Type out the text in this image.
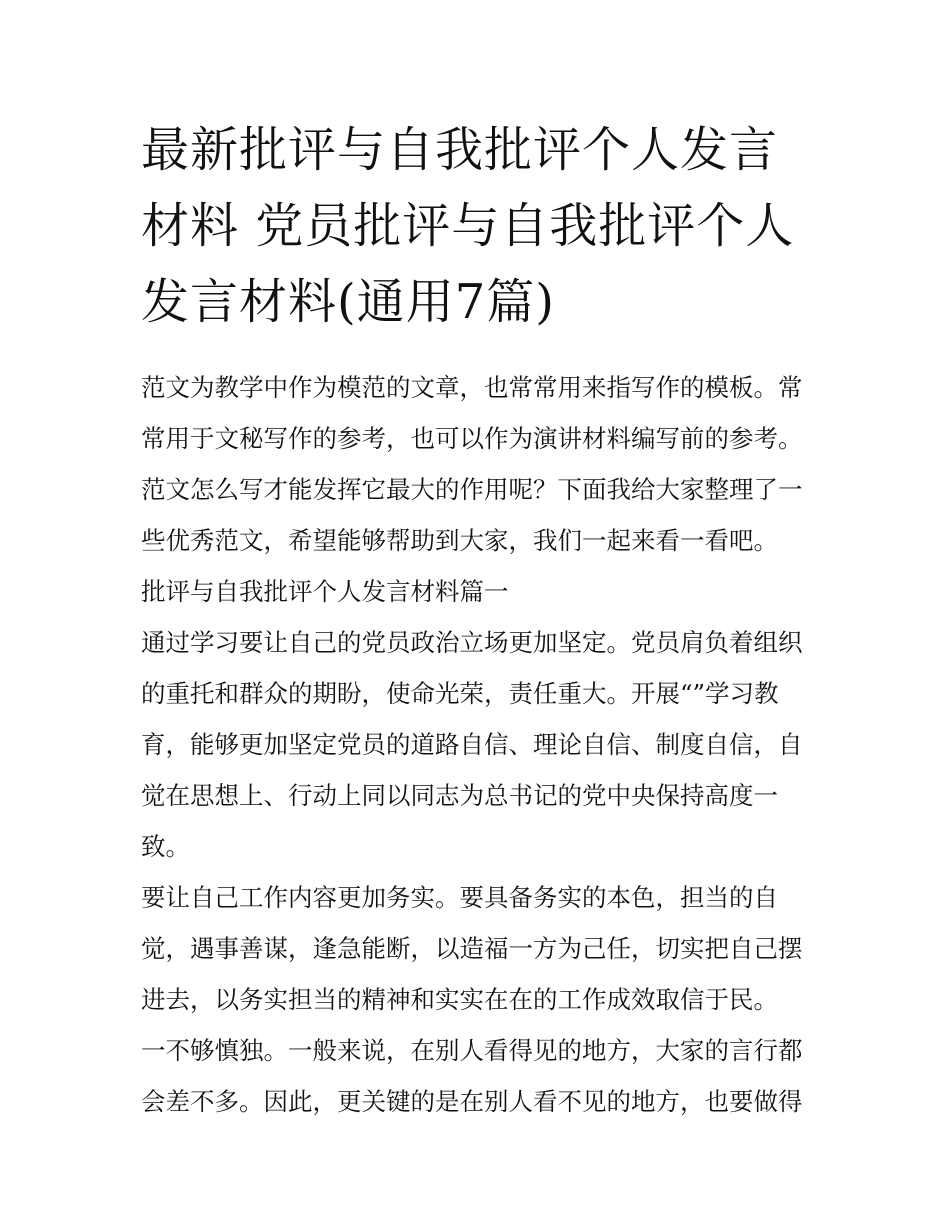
最新批评与自我批评个人发言
材料 党员批评与自我批评个人
发言材料(通用7篇)

范文为教学中作为模范的文章，也常常用来指写作的模板。常
常用于文秘写作的参考，也可以作为演讲材料编写前的参考。
范文怎么写才能发挥它最大的作用呢？下面我给大家整理了一
些优秀范文，希望能够帮助到大家，我们一起来看一看吧。

批评与自我批评个人发言材料篇一

通过学习要让自己的党员政治立场更加坚定。党员肩负着组织
的重托和群众的期盼，使命光荣，责任重大。开展“”学习教
育，能够更加坚定党员的道路自信、理论自信、制度自信，自
觉在思想上、行动上同以同志为总书记的党中央保持高度一
致。

要让自己工作内容更加务实。要具备务实的本色，担当的自
觉，遇事善谋，逢急能断，以造福一方为己任，切实把自己摆
进去，以务实担当的精神和实实在在的工作成效取信于民。

一不够慎独。一般来说，在别人看得见的地方，大家的言行都
会差不多。因此，更关键的是在别人看不见的地方，也要做得
